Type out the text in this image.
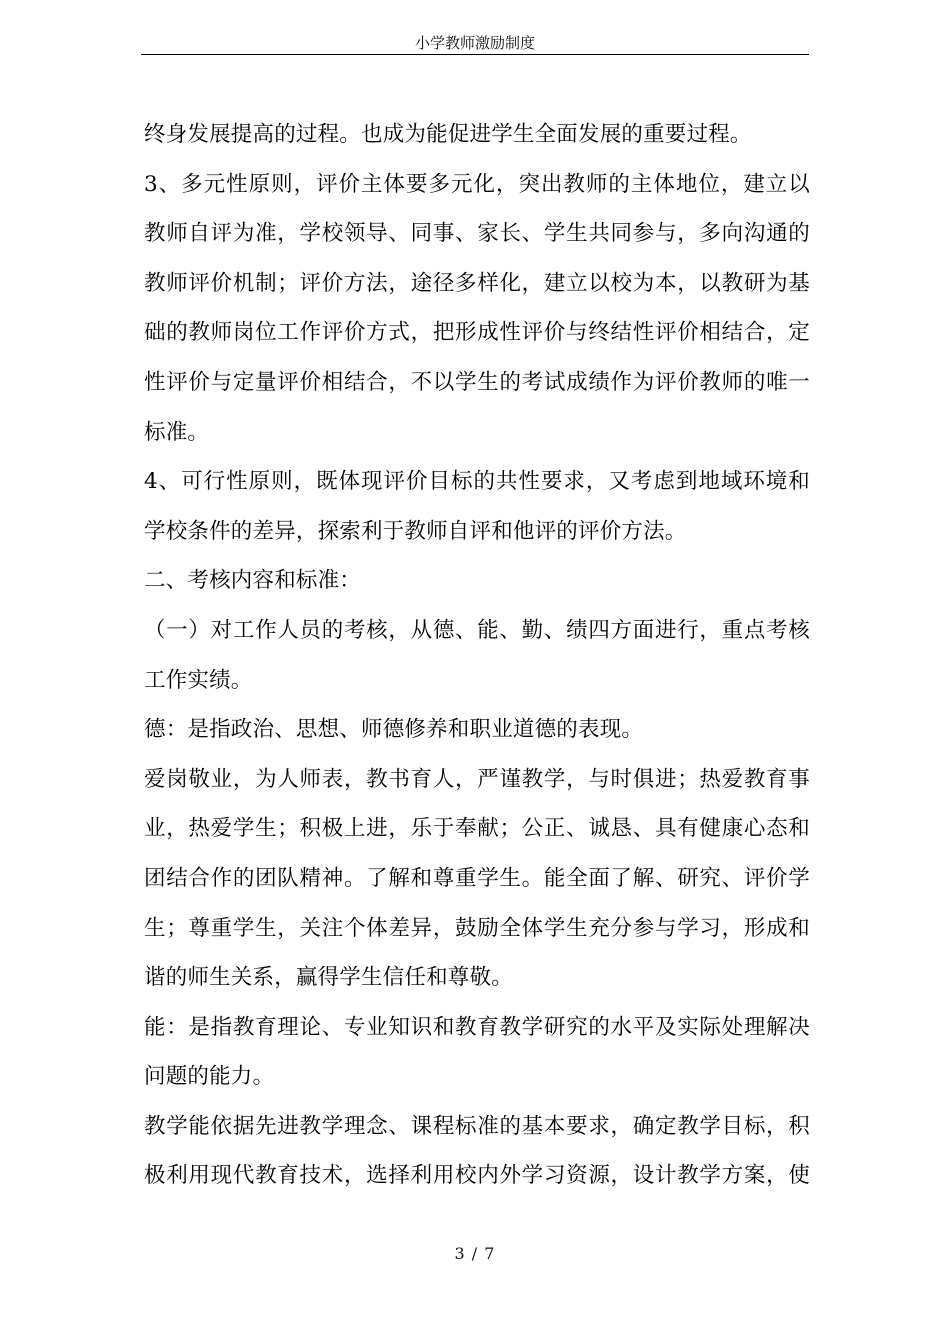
小学教师激励制度
终身发展提高的过程。也成为能促进学生全面发展的重要过程。
3、多元性原则，评价主体要多元化，突出教师的主体地位，建立以
教师自评为准，学校领导、同事、家长、学生共同参与，多向沟通的
教师评价机制；评价方法，途径多样化，建立以校为本，以教研为基
础的教师岗位工作评价方式，把形成性评价与终结性评价相结合，定
性评价与定量评价相结合，不以学生的考试成绩作为评价教师的唯一
标准。
4、可行性原则，既体现评价目标的共性要求，又考虑到地域环境和
学校条件的差异，探索利于教师自评和他评的评价方法。
二、考核内容和标准：
（一）对工作人员的考核，从德、能、勤、绩四方面进行，重点考核
工作实绩。
德：是指政治、思想、师德修养和职业道德的表现。
爱岗敬业，为人师表，教书育人，严谨教学，与时俱进；热爱教育事
业，热爱学生；积极上进，乐于奉献；公正、诚恳、具有健康心态和
团结合作的团队精神。了解和尊重学生。能全面了解、研究、评价学
生；尊重学生，关注个体差异，鼓励全体学生充分参与学习，形成和
谐的师生关系，赢得学生信任和尊敬。
能：是指教育理论、专业知识和教育教学研究的水平及实际处理解决
问题的能力。
教学能依据先进教学理念、课程标准的基本要求，确定教学目标，积
极利用现代教育技术，选择利用校内外学习资源，设计教学方案，使
3 / 7
